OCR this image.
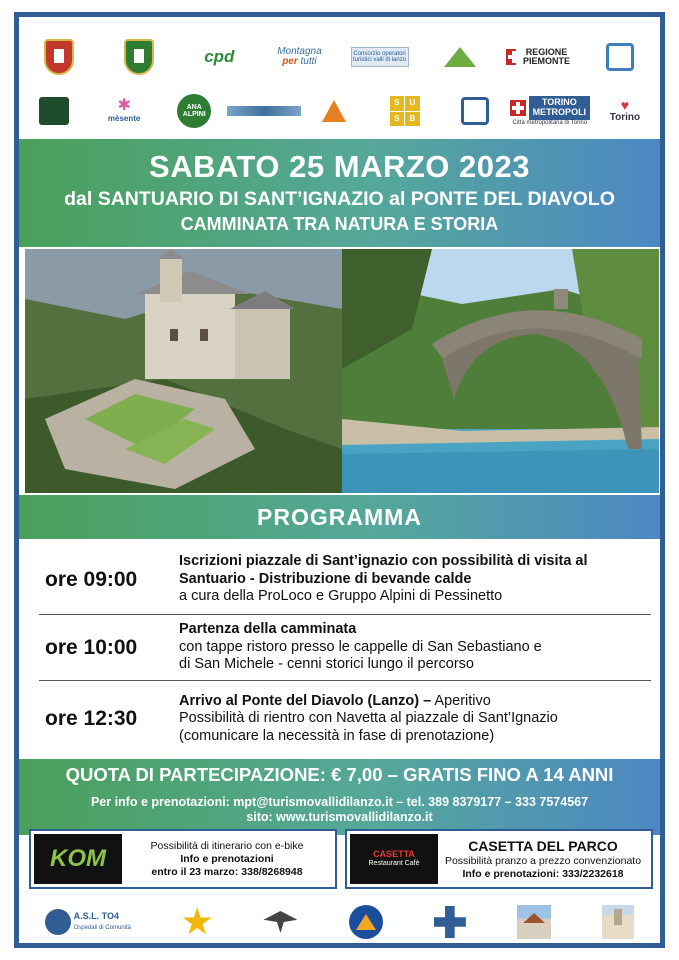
cpd	Montagna
per tutti
Consorzio operatori turistici valli di lanzo
REGIONE PIEMONTE
✱
mèsente
ANA ALPINI
S	U
S	B
TORINO
METROPOLI
Città metropolitana di Torino
♥
Torino
SABATO 25 MARZO 2023
dal SANTUARIO DI SANT’IGNAZIO al PONTE DEL DIAVOLO
CAMMINATA TRA NATURA E STORIA
PROGRAMMA
ore 09:00
Iscrizioni piazzale di Sant’ignazio con possibilità di visita al
Santuario - Distribuzione di bevande calde
a cura della ProLoco e Gruppo Alpini di Pessinetto
ore 10:00
Partenza della camminata
con tappe ristoro presso le cappelle di San Sebastiano e
di San Michele - cenni storici lungo il percorso
ore 12:30
Arrivo al Ponte del Diavolo (Lanzo) – Aperitivo
Possibilità di rientro con Navetta al piazzale di Sant’Ignazio
(comunicare la necessità in fase di prenotazione)
QUOTA DI PARTECIPAZIONE: € 7,00 – GRATIS FINO A 14 ANNI
Per info e prenotazioni: mpt@turismovallidilanzo.it – tel. 389 8379177 – 333 7574567
sito: www.turismovallidilanzo.it
KOM	Possibilità di itinerario con e-bike
Info e prenotazioni
entro il 23 marzo: 338/8268948
CASETTA
Restaurant Cafè
CASETTA DEL PARCO
Possibilità pranzo a prezzo convenzionato
Info e prenotazioni: 333/2232618
A.S.L. TO4
Ospedali di Comunità
